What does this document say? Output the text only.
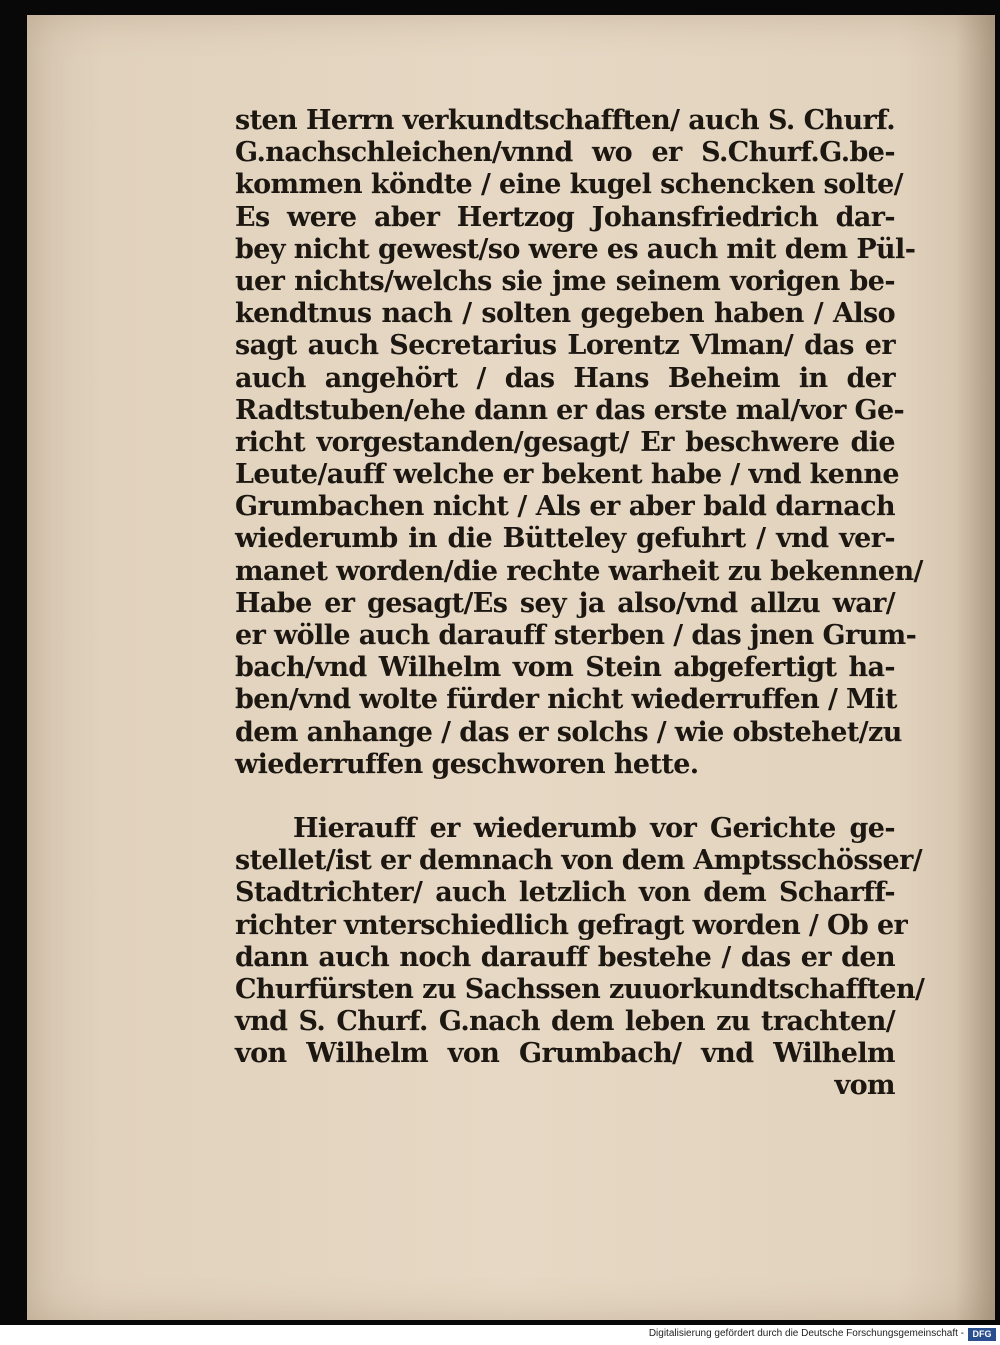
sten Herrn verkundtschafften/ auch S. Churf.
G.nachschleichen/vnnd wo er S.Churf.G.be-
kommen köndte / eine kugel schencken solte/
Es were aber Hertzog Johansfriedrich dar-
bey nicht gewest/so were es auch mit dem Pül-
uer nichts/welchs sie jme seinem vorigen be-
kendtnus nach / solten gegeben haben / Also
sagt auch Secretarius Lorentz Vlman/ das er
auch angehört / das Hans Beheim in der
Radtstuben/ehe dann er das erste mal/vor Ge-
richt vorgestanden/gesagt/ Er beschwere die
Leute/auff welche er bekent habe / vnd kenne
Grumbachen nicht / Als er aber bald darnach
wiederumb in die Bütteley gefuhrt / vnd ver-
manet worden/die rechte warheit zu bekennen/
Habe er gesagt/Es sey ja also/vnd allzu war/
er wölle auch darauff sterben / das jnen Grum-
bach/vnd Wilhelm vom Stein abgefertigt ha-
ben/vnd wolte fürder nicht wiederruffen / Mit
dem anhange / das er solchs / wie obstehet/zu
wiederruffen geschworen hette.
Hierauff er wiederumb vor Gerichte ge-
stellet/ist er demnach von dem Amptsschösser/
Stadtrichter/ auch letzlich von dem Scharff-
richter vnterschiedlich gefragt worden / Ob er
dann auch noch darauff bestehe / das er den
Churfürsten zu Sachssen zuuorkundtschafften/
vnd S. Churf. G.nach dem leben zu trachten/
von Wilhelm von Grumbach/ vnd Wilhelm
vom
Digitalisierung gefördert durch die Deutsche Forschungsgemeinschaft - DFG
